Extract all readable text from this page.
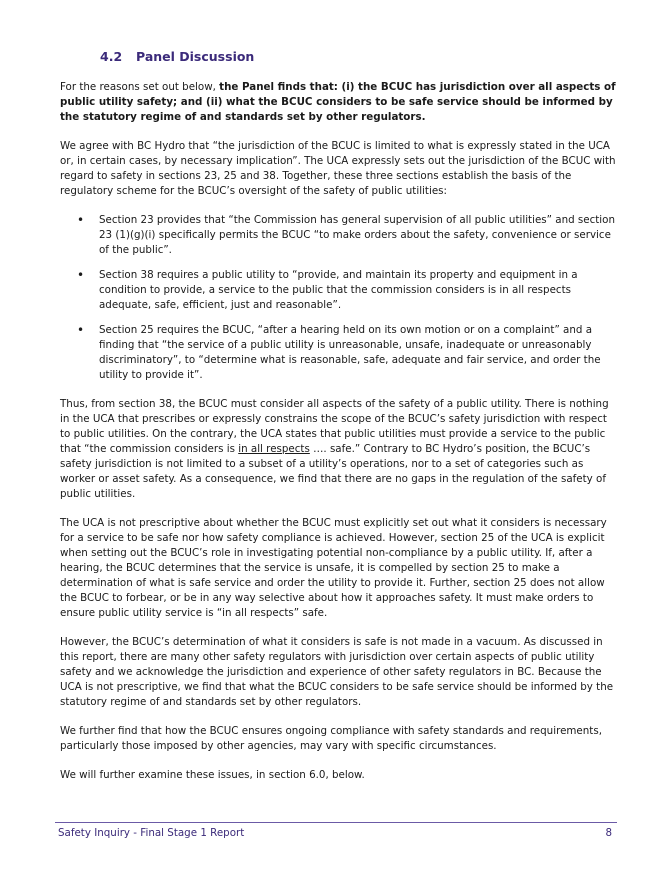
4.2 Panel Discussion

For the reasons set out below, the Panel finds that: (i) the BCUC has jurisdiction over all aspects of public utility safety; and (ii) what the BCUC considers to be safe service should be informed by the statutory regime of and standards set by other regulators.

We agree with BC Hydro that “the jurisdiction of the BCUC is limited to what is expressly stated in the UCA or, in certain cases, by necessary implication”. The UCA expressly sets out the jurisdiction of the BCUC with regard to safety in sections 23, 25 and 38. Together, these three sections establish the basis of the regulatory scheme for the BCUC’s oversight of the safety of public utilities:

• Section 23 provides that “the Commission has general supervision of all public utilities” and section 23 (1)(g)(i) specifically permits the BCUC “to make orders about the safety, convenience or service of the public”.
• Section 38 requires a public utility to “provide, and maintain its property and equipment in a condition to provide, a service to the public that the commission considers is in all respects adequate, safe, efficient, just and reasonable”.
• Section 25 requires the BCUC, “after a hearing held on its own motion or on a complaint” and a finding that “the service of a public utility is unreasonable, unsafe, inadequate or unreasonably discriminatory”, to “determine what is reasonable, safe, adequate and fair service, and order the utility to provide it”.

Thus, from section 38, the BCUC must consider all aspects of the safety of a public utility. There is nothing in the UCA that prescribes or expressly constrains the scope of the BCUC’s safety jurisdiction with respect to public utilities. On the contrary, the UCA states that public utilities must provide a service to the public that “the commission considers is in all respects …. safe.” Contrary to BC Hydro’s position, the BCUC’s safety jurisdiction is not limited to a subset of a utility’s operations, nor to a set of categories such as worker or asset safety. As a consequence, we find that there are no gaps in the regulation of the safety of public utilities.

The UCA is not prescriptive about whether the BCUC must explicitly set out what it considers is necessary for a service to be safe nor how safety compliance is achieved. However, section 25 of the UCA is explicit when setting out the BCUC’s role in investigating potential non-compliance by a public utility. If, after a hearing, the BCUC determines that the service is unsafe, it is compelled by section 25 to make a determination of what is safe service and order the utility to provide it. Further, section 25 does not allow the BCUC to forbear, or be in any way selective about how it approaches safety. It must make orders to ensure public utility service is “in all respects” safe.

However, the BCUC’s determination of what it considers is safe is not made in a vacuum. As discussed in this report, there are many other safety regulators with jurisdiction over certain aspects of public utility safety and we acknowledge the jurisdiction and experience of other safety regulators in BC. Because the UCA is not prescriptive, we find that what the BCUC considers to be safe service should be informed by the statutory regime of and standards set by other regulators.

We further find that how the BCUC ensures ongoing compliance with safety standards and requirements, particularly those imposed by other agencies, may vary with specific circumstances.

We will further examine these issues, in section 6.0, below.

Safety Inquiry - Final Stage 1 Report	8
